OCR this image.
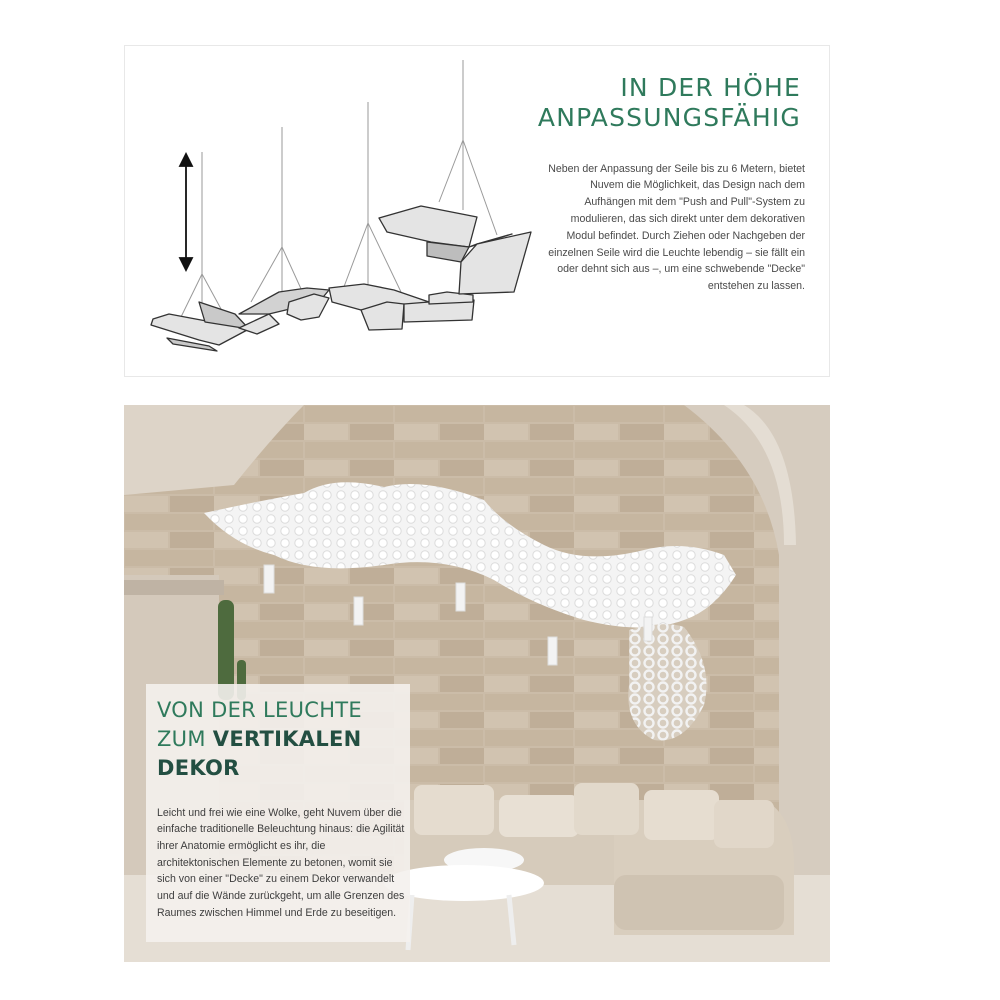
IN DER HÖHE
ANPASSUNGSFÄHIG

Neben der Anpassung der Seile bis zu 6 Metern, bietet Nuvem die Möglichkeit, das Design nach dem Aufhängen mit dem "Push and Pull"-System zu modulieren, das sich direkt unter dem dekorativen Modul befindet. Durch Ziehen oder Nachgeben der einzelnen Seile wird die Leuchte lebendig – sie fällt ein oder dehnt sich aus –, um eine schwebende "Decke" entstehen zu lassen.

VON DER LEUCHTE
ZUM VERTIKALEN
DEKOR

Leicht und frei wie eine Wolke, geht Nuvem über die einfache traditionelle Beleuchtung hinaus: die Agilität ihrer Anatomie ermöglicht es ihr, die architektonischen Elemente zu betonen, womit sie sich von einer "Decke" zu einem Dekor verwandelt und auf die Wände zurückgeht, um alle Grenzen des Raumes zwischen Himmel und Erde zu beseitigen.
